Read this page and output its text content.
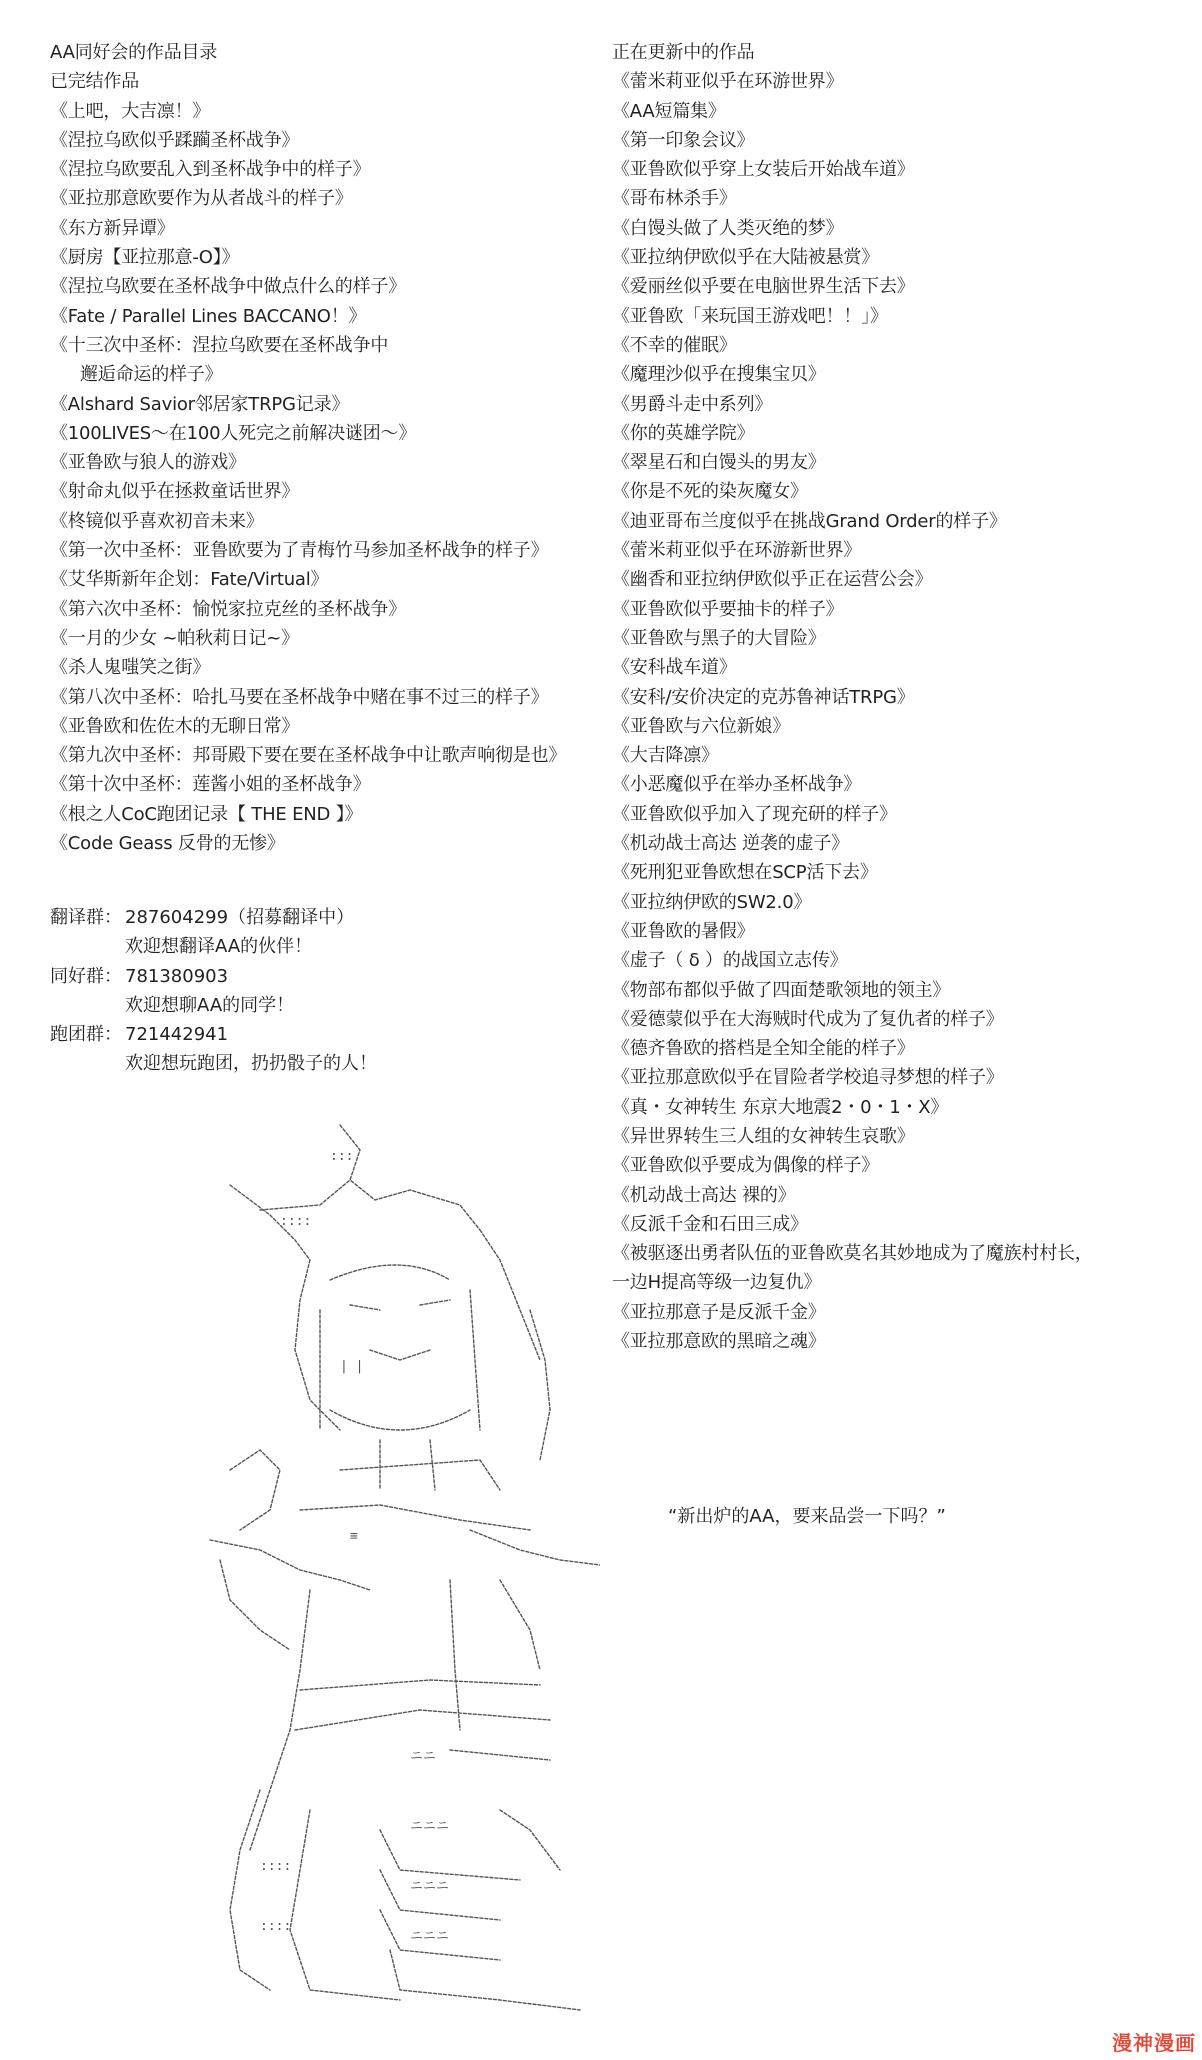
AA同好会的作品目录
已完结作品
《上吧，大吉凛！》
《涅拉乌欧似乎蹂躏圣杯战争》
《涅拉乌欧要乱入到圣杯战争中的样子》
《亚拉那意欧要作为从者战斗的样子》
《东方新异谭》
《厨房【亚拉那意-O】》
《涅拉乌欧要在圣杯战争中做点什么的样子》
《Fate / Parallel Lines BACCANO！》
《十三次中圣杯：涅拉乌欧要在圣杯战争中
邂逅命运的样子》
《Alshard Savior邻居家TRPG记录》
《100LIVES～在100人死完之前解决谜团～》
《亚鲁欧与狼人的游戏》
《射命丸似乎在拯救童话世界》
《柊镜似乎喜欢初音未来》
《第一次中圣杯：亚鲁欧要为了青梅竹马参加圣杯战争的样子》
《艾华斯新年企划：Fate/Virtual》
《第六次中圣杯：愉悦家拉克丝的圣杯战争》
《一月的少女 ~帕秋莉日记~》
《杀人鬼嗤笑之街》
《第八次中圣杯：哈扎马要在圣杯战争中赌在事不过三的样子》
《亚鲁欧和佐佐木的无聊日常》
《第九次中圣杯：邦哥殿下要在要在圣杯战争中让歌声响彻是也》
《第十次中圣杯：莲酱小姐的圣杯战争》
《根之人CoC跑团记录【 THE END 】》
《Code Geass 反骨的无惨》
翻译群： 287604299（招募翻译中）
欢迎想翻译AA的伙伴！
同好群： 781380903
欢迎想聊AA的同学！
跑团群： 721442941
欢迎想玩跑团，扔扔骰子的人！
正在更新中的作品
《蕾米莉亚似乎在环游世界》
《AA短篇集》
《第一印象会议》
《亚鲁欧似乎穿上女装后开始战车道》
《哥布林杀手》
《白馒头做了人类灭绝的梦》
《亚拉纳伊欧似乎在大陆被悬赏》
《爱丽丝似乎要在电脑世界生活下去》
《亚鲁欧「来玩国王游戏吧！！」》
《不幸的催眠》
《魔理沙似乎在搜集宝贝》
《男爵斗走中系列》
《你的英雄学院》
《翠星石和白馒头的男友》
《你是不死的染灰魔女》
《迪亚哥布兰度似乎在挑战Grand Order的样子》
《蕾米莉亚似乎在环游新世界》
《幽香和亚拉纳伊欧似乎正在运营公会》
《亚鲁欧似乎要抽卡的样子》
《亚鲁欧与黑子的大冒险》
《安科战车道》
《安科/安价决定的克苏鲁神话TRPG》
《亚鲁欧与六位新娘》
《大吉降凛》
《小恶魔似乎在举办圣杯战争》
《亚鲁欧似乎加入了现充研的样子》
《机动战士高达 逆袭的虚子》
《死刑犯亚鲁欧想在SCP活下去》
《亚拉纳伊欧的SW2.0》
《亚鲁欧的暑假》
《虚子（ δ ）的战国立志传》
《物部布都似乎做了四面楚歌领地的领主》
《爱德蒙似乎在大海贼时代成为了复仇者的样子》
《德齐鲁欧的搭档是全知全能的样子》
《亚拉那意欧似乎在冒险者学校追寻梦想的样子》
《真・女神转生 东京大地震2・0・1・X》
《异世界转生三人组的女神转生哀歌》
《亚鲁欧似乎要成为偶像的样子》
《机动战士高达 裸的》
《反派千金和石田三成》
《被驱逐出勇者队伍的亚鲁欧莫名其妙地成为了魔族村村长，
一边H提高等级一边复仇》
《亚拉那意子是反派千金》
《亚拉那意欧的黑暗之魂》
:::
::::
| |
≡
ニニ
ニニニ
ニニニ
ニニニ
::::
::::
“新出炉的AA，要来品尝一下吗？”
漫神漫画
